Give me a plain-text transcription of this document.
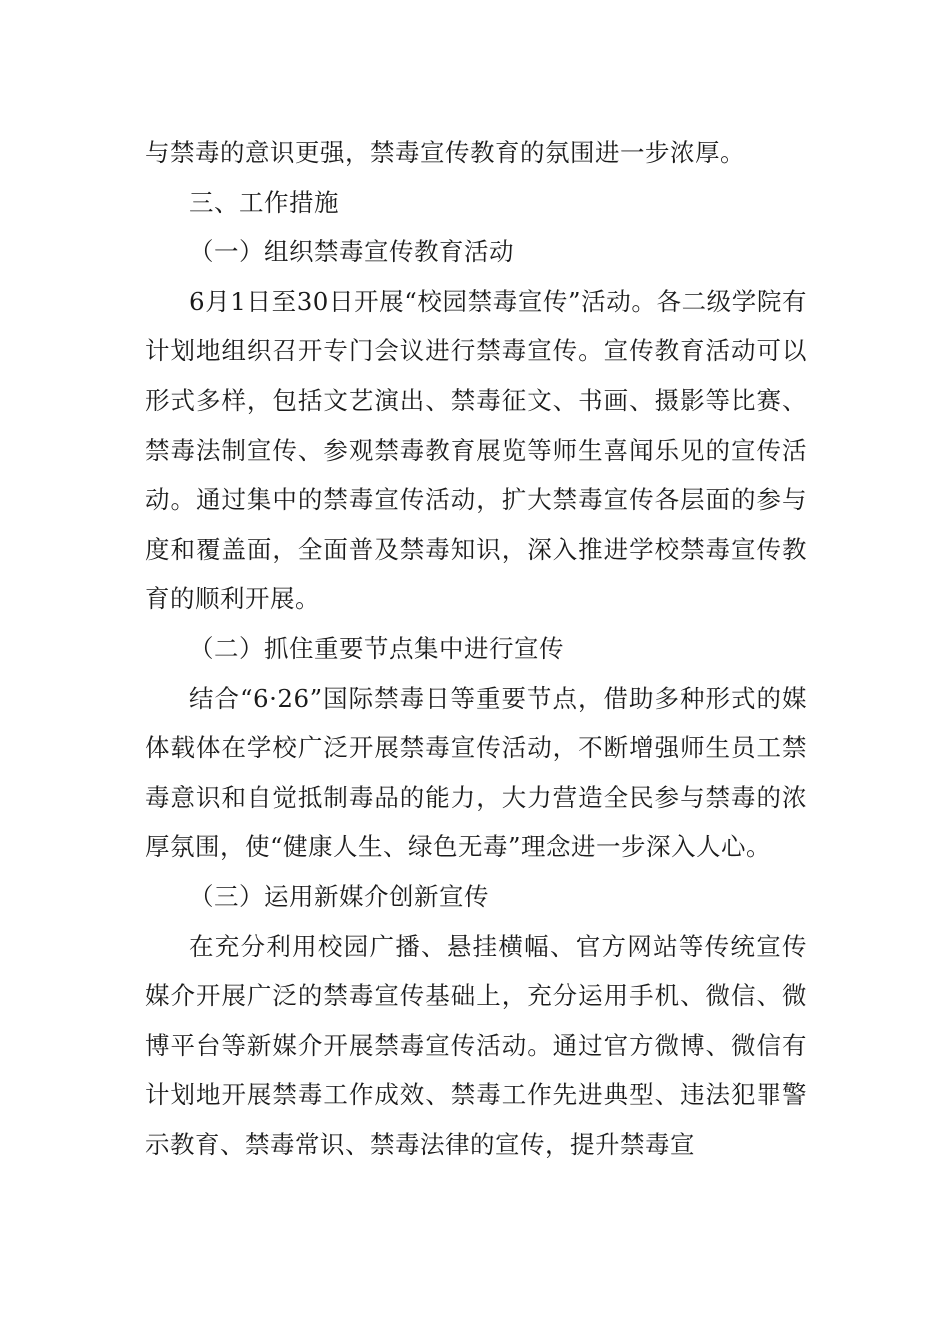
与禁毒的意识更强，禁毒宣传教育的氛围进一步浓厚。

三、工作措施

（一）组织禁毒宣传教育活动

6月1日至30日开展“校园禁毒宣传”活动。各二级学院有计划地组织召开专门会议进行禁毒宣传。宣传教育活动可以形式多样，包括文艺演出、禁毒征文、书画、摄影等比赛、禁毒法制宣传、参观禁毒教育展览等师生喜闻乐见的宣传活动。通过集中的禁毒宣传活动，扩大禁毒宣传各层面的参与度和覆盖面，全面普及禁毒知识，深入推进学校禁毒宣传教育的顺利开展。

（二）抓住重要节点集中进行宣传

结合“6·26”国际禁毒日等重要节点，借助多种形式的媒体载体在学校广泛开展禁毒宣传活动，不断增强师生员工禁毒意识和自觉抵制毒品的能力，大力营造全民参与禁毒的浓厚氛围，使“健康人生、绿色无毒”理念进一步深入人心。

（三）运用新媒介创新宣传

在充分利用校园广播、悬挂横幅、官方网站等传统宣传媒介开展广泛的禁毒宣传基础上，充分运用手机、微信、微博平台等新媒介开展禁毒宣传活动。通过官方微博、微信有计划地开展禁毒工作成效、禁毒工作先进典型、违法犯罪警示教育、禁毒常识、禁毒法律的宣传，提升禁毒宣
